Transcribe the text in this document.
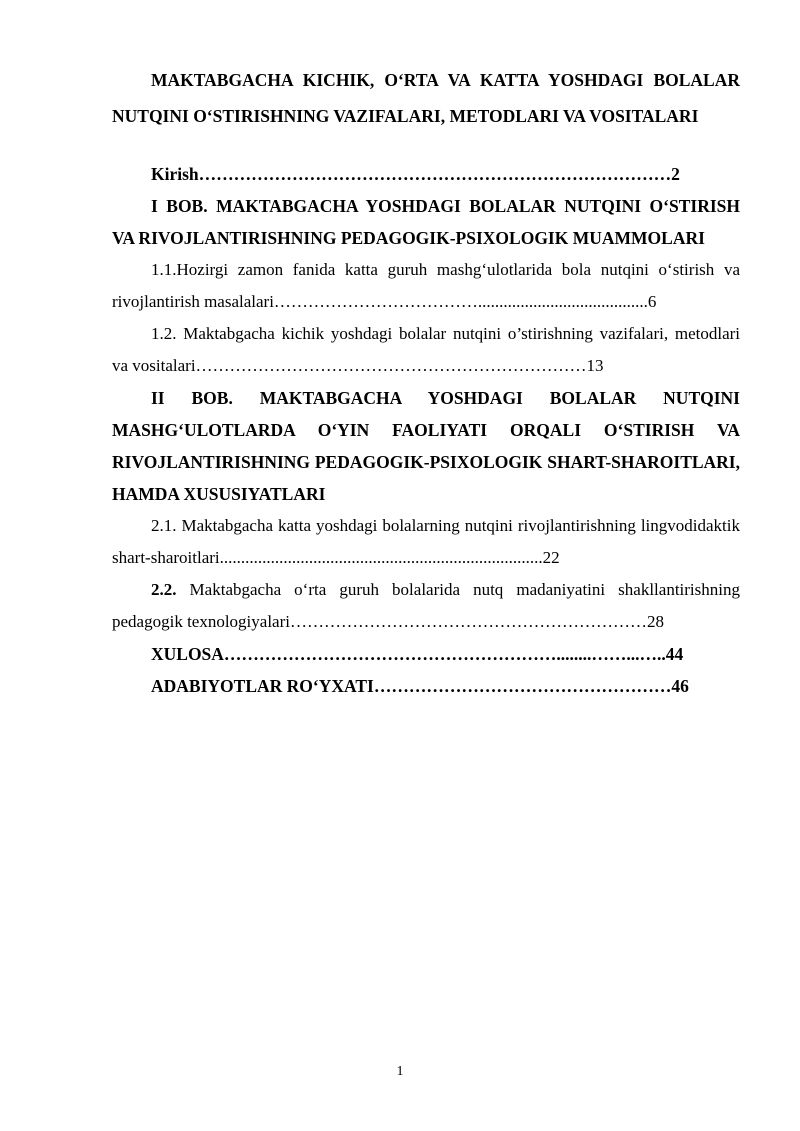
MAKTABGACHA KICHIK, O‘RTA VA KATTA YOSHDAGI BOLALAR NUTQINI O‘STIRISHNING VAZIFALARI, METODLARI VA VOSITALARI

Kirish………………………………………………………………………2

I BOB. MAKTABGACHA YOSHDAGI BOLALAR NUTQINI O‘STIRISH VA RIVOJLANTIRISHNING PEDAGOGIK-PSIXOLOGIK MUAMMOLARI

1.1.Hozirgi zamon fanida katta guruh mashg‘ulotlarida bola nutqini o‘stirish va rivojlantirish masalalari………………………………........................................6

1.2. Maktabgacha kichik yoshdagi bolalar nutqini o’stirishning vazifalari, metodlari va vositalari……………………………………………………………13

II BOB. MAKTABGACHA YOSHDAGI BOLALAR NUTQINI MASHG‘ULOTLARDA O‘YIN FAOLIYATI ORQALI O‘STIRISH VA RIVOJLANTIRISHNING PEDAGOGIK-PSIXOLOGIK SHART-SHAROITLARI, HAMDA XUSUSIYATLARI

2.1. Maktabgacha katta yoshdagi bolalarning nutqini rivojlantirishning lingvodidaktik shart-sharoitlari............................................................................22

2.2. Maktabgacha o‘rta guruh bolalarida nutq madaniyatini shakllantirishning pedagogik texnologiyalari………………………………………………………28

XULOSA…………………………………………………........……...…..44

ADABIYOTLAR RO‘YXATI……………………………………………46

1
